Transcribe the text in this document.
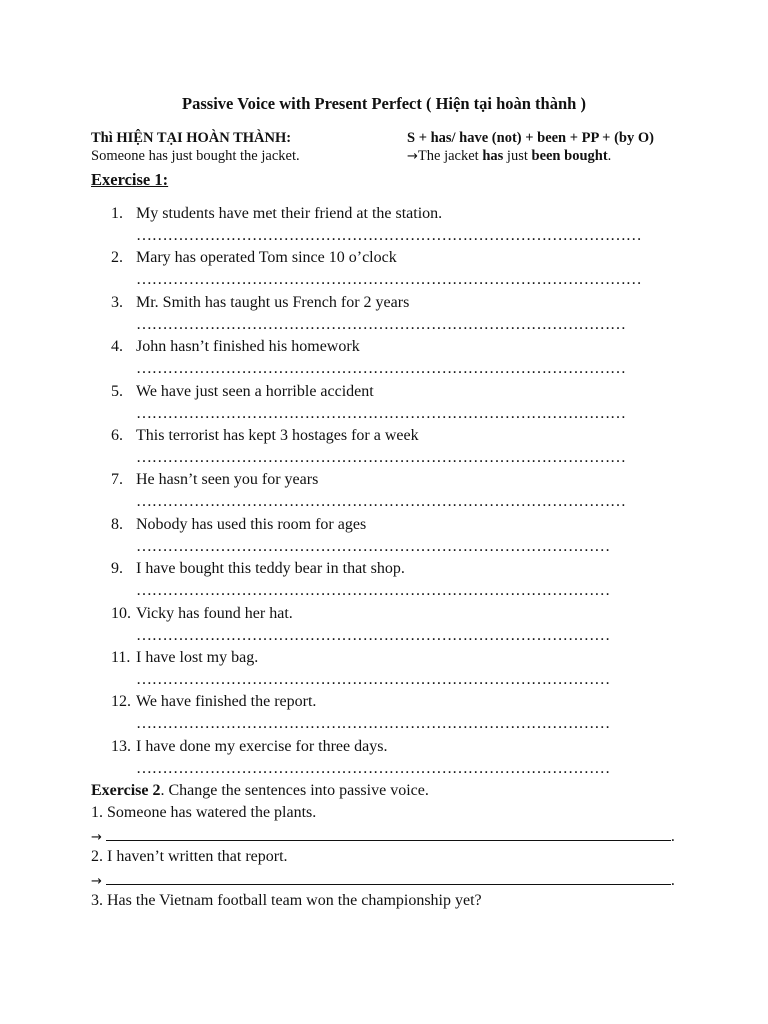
Passive Voice with Present Perfect ( Hiện tại hoàn thành )
Thì HIỆN TẠI HOÀN THÀNH:
Someone has just bought the jacket.
S + has/ have (not) + been + PP + (by O)
→The jacket has just been bought.
Exercise 1:
1. My students have met their friend at the station.
……………………………………………………………………………………
2. Mary has operated Tom since 10 o’clock
……………………………………………………………………………………
3. Mr. Smith has taught us French for 2 years
…………………………………………………………………………………
4. John hasn’t finished his homework
…………………………………………………………………………………
5. We have just seen a horrible accident
…………………………………………………………………………………
6. This terrorist has kept 3 hostages for a week
…………………………………………………………………………………
7. He hasn’t seen you for years
…………………………………………………………………………………
8. Nobody has used this room for ages
………………………………………………………………………………
9. I have bought this teddy bear in that shop.
………………………………………………………………………………
10. Vicky has found her hat.
………………………………………………………………………………
11. I have lost my bag.
………………………………………………………………………………
12. We have finished the report.
………………………………………………………………………………
13. I have done my exercise for three days.
………………………………………………………………………………
Exercise 2. Change the sentences into passive voice.
1. Someone has watered the plants.
→	.
2. I haven’t written that report.
→	.
3. Has the Vietnam football team won the championship yet?
